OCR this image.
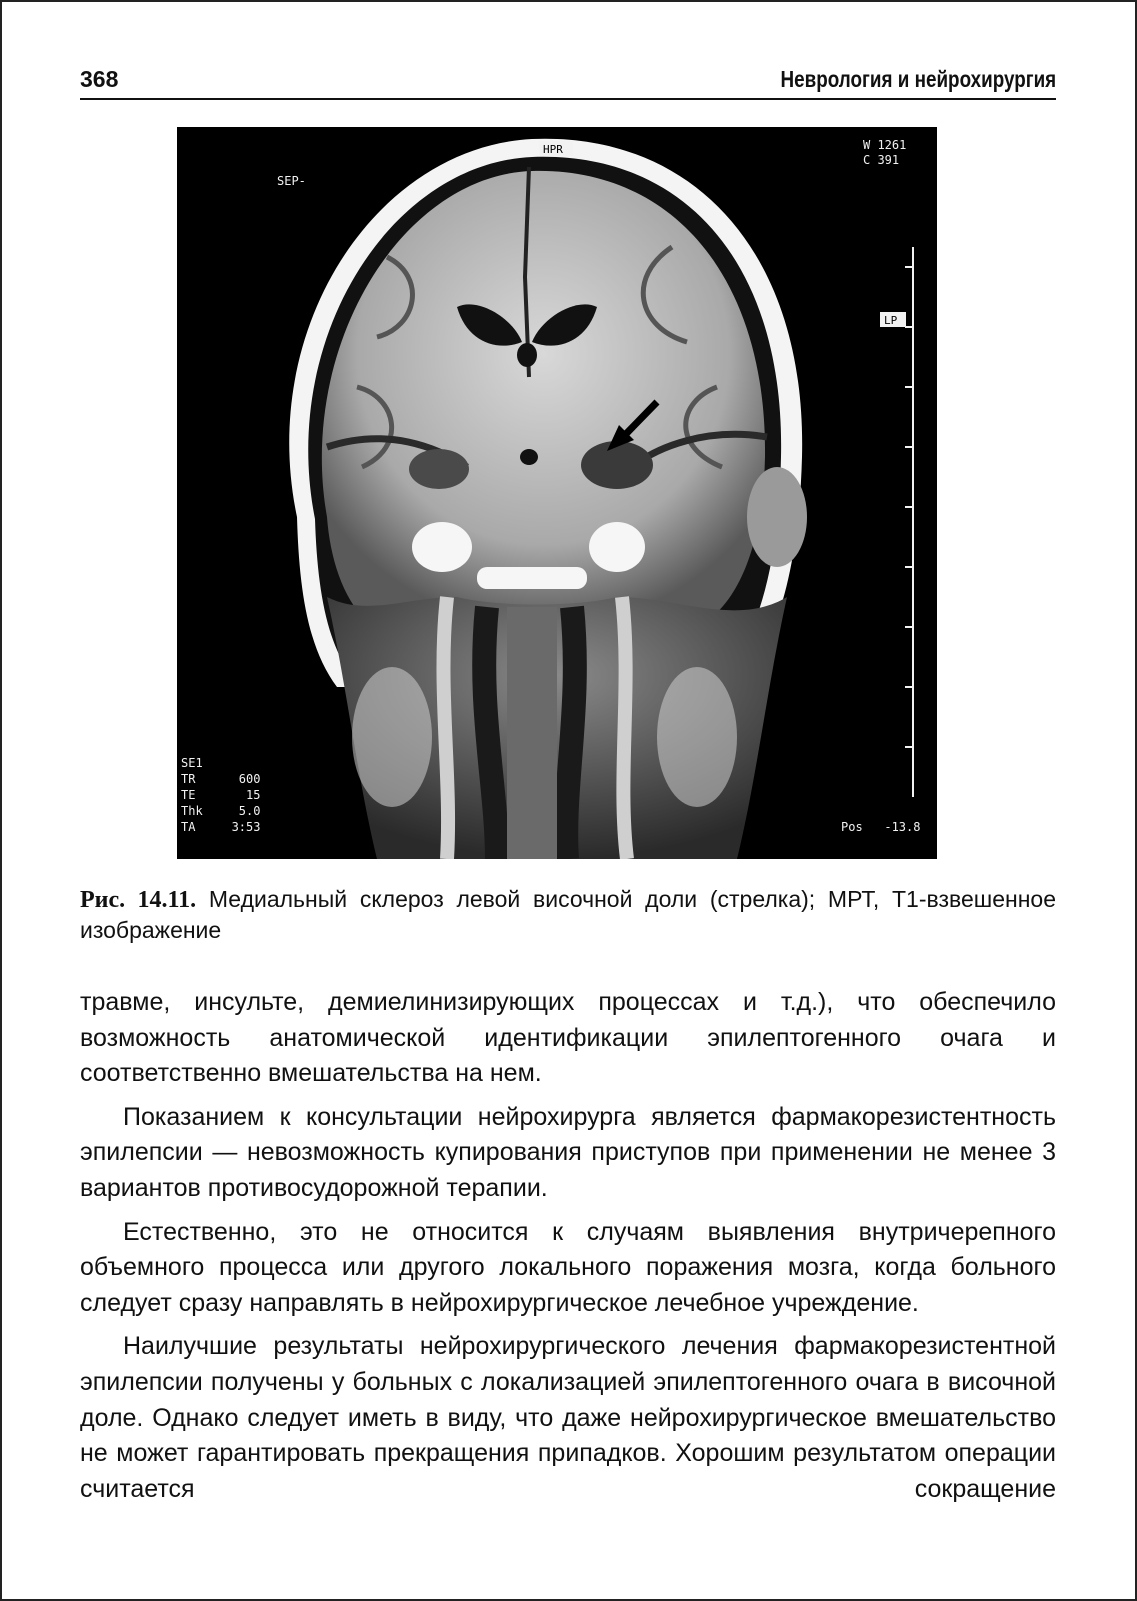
368	Неврология и нейрохирургия
HPR
SEP-
W 1261
C 391
LP
SE1
TR      600
TE       15
Thk     5.0
TA     3:53	Pos   -13.8
Рис. 14.11. Медиальный склероз левой височной доли (стрелка); МРТ, Т1-взвешенное изображение

травме, инсульте, демиелинизирующих процессах и т.д.), что обеспечило возможность анатомической идентификации эпилептогенного очага и соответственно вмешательства на нем.

Показанием к консультации нейрохирурга является фармакорезистентность эпилепсии — невозможность купирования приступов при применении не менее 3 вариантов противосудорожной терапии.

Естественно, это не относится к случаям выявления внутричерепного объемного процесса или другого локального поражения мозга, когда больного следует сразу направлять в нейрохирургическое лечебное учреждение.

Наилучшие результаты нейрохирургического лечения фармакорезистентной эпилепсии получены у больных с локализацией эпилептогенного очага в височной доле. Однако следует иметь в виду, что даже нейрохирургическое вмешательство не может гарантировать прекращения припадков. Хорошим результатом операции считается сокращение
